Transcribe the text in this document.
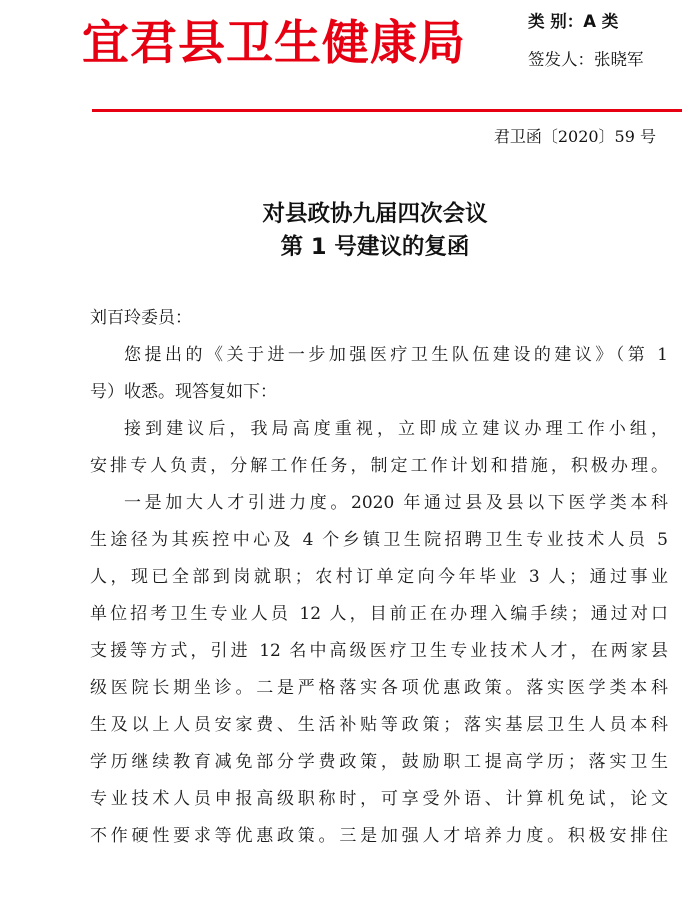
宜君县卫生健康局	类 别：A 类
签发人：张晓军
君卫函〔2020〕59 号
对县政协九届四次会议
第 1 号建议的复函
刘百玲委员：
您提出的《关于进一步加强医疗卫生队伍建设的建议》（第 1
号）收悉。现答复如下：
接到建议后，我局高度重视，立即成立建议办理工作小组，
安排专人负责，分解工作任务，制定工作计划和措施，积极办理。
一是加大人才引进力度。2020 年通过县及县以下医学类本科
生途径为其疾控中心及 4 个乡镇卫生院招聘卫生专业技术人员 5
人，现已全部到岗就职；农村订单定向今年毕业 3 人；通过事业
单位招考卫生专业人员 12 人，目前正在办理入编手续；通过对口
支援等方式，引进 12 名中高级医疗卫生专业技术人才，在两家县
级医院长期坐诊。二是严格落实各项优惠政策。落实医学类本科
生及以上人员安家费、生活补贴等政策；落实基层卫生人员本科
学历继续教育减免部分学费政策，鼓励职工提高学历；落实卫生
专业技术人员申报高级职称时，可享受外语、计算机免试，论文
不作硬性要求等优惠政策。三是加强人才培养力度。积极安排住
